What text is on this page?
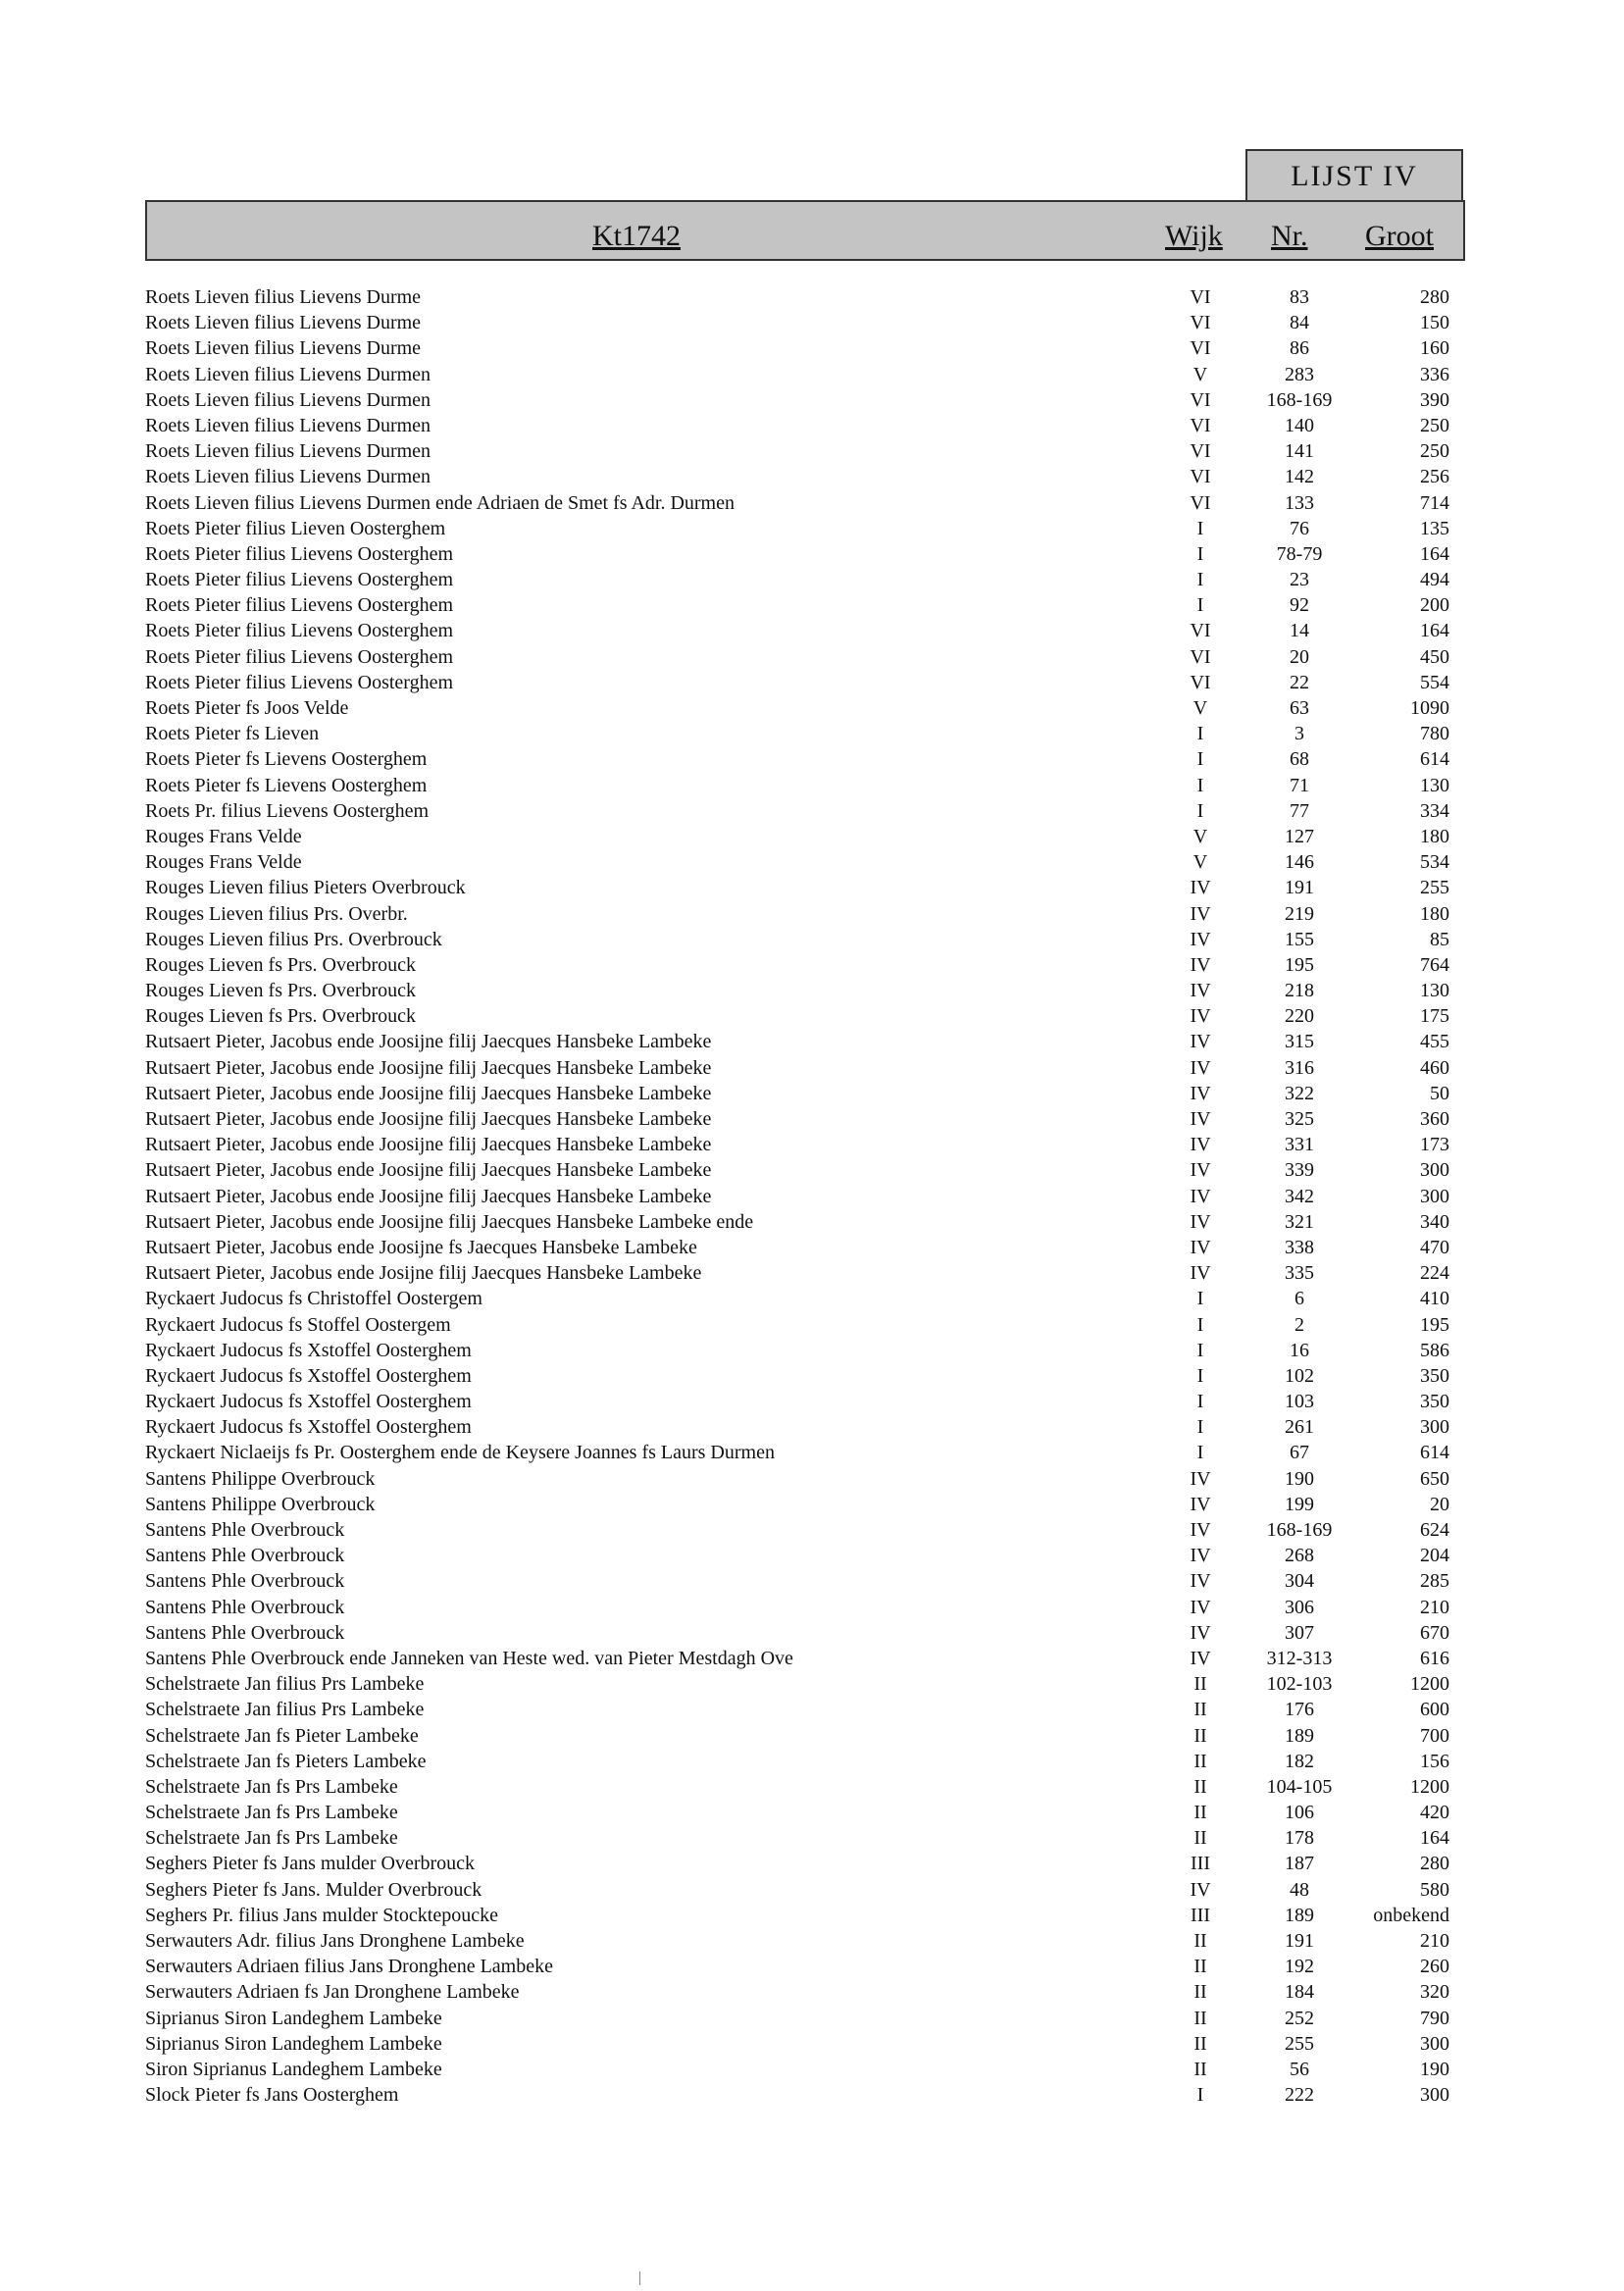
LIJST IV
Kt1742	Wijk Nr. Groot
Roets Lieven filius Lievens Durme	VI	83	280
Roets Lieven filius Lievens Durme	VI	84	150
Roets Lieven filius Lievens Durme	VI	86	160
Roets Lieven filius Lievens Durmen	V	283	336
Roets Lieven filius Lievens Durmen	VI	168-169	390
Roets Lieven filius Lievens Durmen	VI	140	250
Roets Lieven filius Lievens Durmen	VI	141	250
Roets Lieven filius Lievens Durmen	VI	142	256
Roets Lieven filius Lievens Durmen ende Adriaen de Smet fs Adr. Durmen	VI	133	714
Roets Pieter filius Lieven Oosterghem	I	76	135
Roets Pieter filius Lievens Oosterghem	I	78-79	164
Roets Pieter filius Lievens Oosterghem	I	23	494
Roets Pieter filius Lievens Oosterghem	I	92	200
Roets Pieter filius Lievens Oosterghem	VI	14	164
Roets Pieter filius Lievens Oosterghem	VI	20	450
Roets Pieter filius Lievens Oosterghem	VI	22	554
Roets Pieter fs Joos Velde	V	63	1090
Roets Pieter fs Lieven	I	3	780
Roets Pieter fs Lievens Oosterghem	I	68	614
Roets Pieter fs Lievens Oosterghem	I	71	130
Roets Pr. filius Lievens Oosterghem	I	77	334
Rouges Frans Velde	V	127	180
Rouges Frans Velde	V	146	534
Rouges Lieven filius Pieters Overbrouck	IV	191	255
Rouges Lieven filius Prs. Overbr.	IV	219	180
Rouges Lieven filius Prs. Overbrouck	IV	155	85
Rouges Lieven fs Prs. Overbrouck	IV	195	764
Rouges Lieven fs Prs. Overbrouck	IV	218	130
Rouges Lieven fs Prs. Overbrouck	IV	220	175
Rutsaert Pieter, Jacobus ende Joosijne filij Jaecques Hansbeke Lambeke	IV	315	455
Rutsaert Pieter, Jacobus ende Joosijne filij Jaecques Hansbeke Lambeke	IV	316	460
Rutsaert Pieter, Jacobus ende Joosijne filij Jaecques Hansbeke Lambeke	IV	322	50
Rutsaert Pieter, Jacobus ende Joosijne filij Jaecques Hansbeke Lambeke	IV	325	360
Rutsaert Pieter, Jacobus ende Joosijne filij Jaecques Hansbeke Lambeke	IV	331	173
Rutsaert Pieter, Jacobus ende Joosijne filij Jaecques Hansbeke Lambeke	IV	339	300
Rutsaert Pieter, Jacobus ende Joosijne filij Jaecques Hansbeke Lambeke	IV	342	300
Rutsaert Pieter, Jacobus ende Joosijne filij Jaecques Hansbeke Lambeke ende	IV	321	340
Rutsaert Pieter, Jacobus ende Joosijne fs Jaecques Hansbeke Lambeke	IV	338	470
Rutsaert Pieter, Jacobus ende Josijne filij Jaecques Hansbeke Lambeke	IV	335	224
Ryckaert Judocus fs Christoffel Oostergem	I	6	410
Ryckaert Judocus fs Stoffel Oostergem	I	2	195
Ryckaert Judocus fs Xstoffel Oosterghem	I	16	586
Ryckaert Judocus fs Xstoffel Oosterghem	I	102	350
Ryckaert Judocus fs Xstoffel Oosterghem	I	103	350
Ryckaert Judocus fs Xstoffel Oosterghem	I	261	300
Ryckaert Niclaeijs fs Pr. Oosterghem ende de Keysere Joannes fs Laurs Durmen	I	67	614
Santens Philippe Overbrouck	IV	190	650
Santens Philippe Overbrouck	IV	199	20
Santens Phle Overbrouck	IV	168-169	624
Santens Phle Overbrouck	IV	268	204
Santens Phle Overbrouck	IV	304	285
Santens Phle Overbrouck	IV	306	210
Santens Phle Overbrouck	IV	307	670
Santens Phle Overbrouck ende Janneken van Heste wed. van Pieter Mestdagh Ove	IV	312-313	616
Schelstraete Jan filius Prs Lambeke	II	102-103	1200
Schelstraete Jan filius Prs Lambeke	II	176	600
Schelstraete Jan fs Pieter Lambeke	II	189	700
Schelstraete Jan fs Pieters Lambeke	II	182	156
Schelstraete Jan fs Prs Lambeke	II	104-105	1200
Schelstraete Jan fs Prs Lambeke	II	106	420
Schelstraete Jan fs Prs Lambeke	II	178	164
Seghers Pieter fs Jans mulder Overbrouck	III	187	280
Seghers Pieter fs Jans. Mulder Overbrouck	IV	48	580
Seghers Pr. filius Jans mulder Stocktepoucke	III	189	onbekend
Serwauters Adr. filius Jans Dronghene Lambeke	II	191	210
Serwauters Adriaen filius Jans Dronghene Lambeke	II	192	260
Serwauters Adriaen fs Jan Dronghene Lambeke	II	184	320
Siprianus Siron Landeghem Lambeke	II	252	790
Siprianus Siron Landeghem Lambeke	II	255	300
Siron Siprianus Landeghem Lambeke	II	56	190
Slock Pieter fs Jans Oosterghem	I	222	300
